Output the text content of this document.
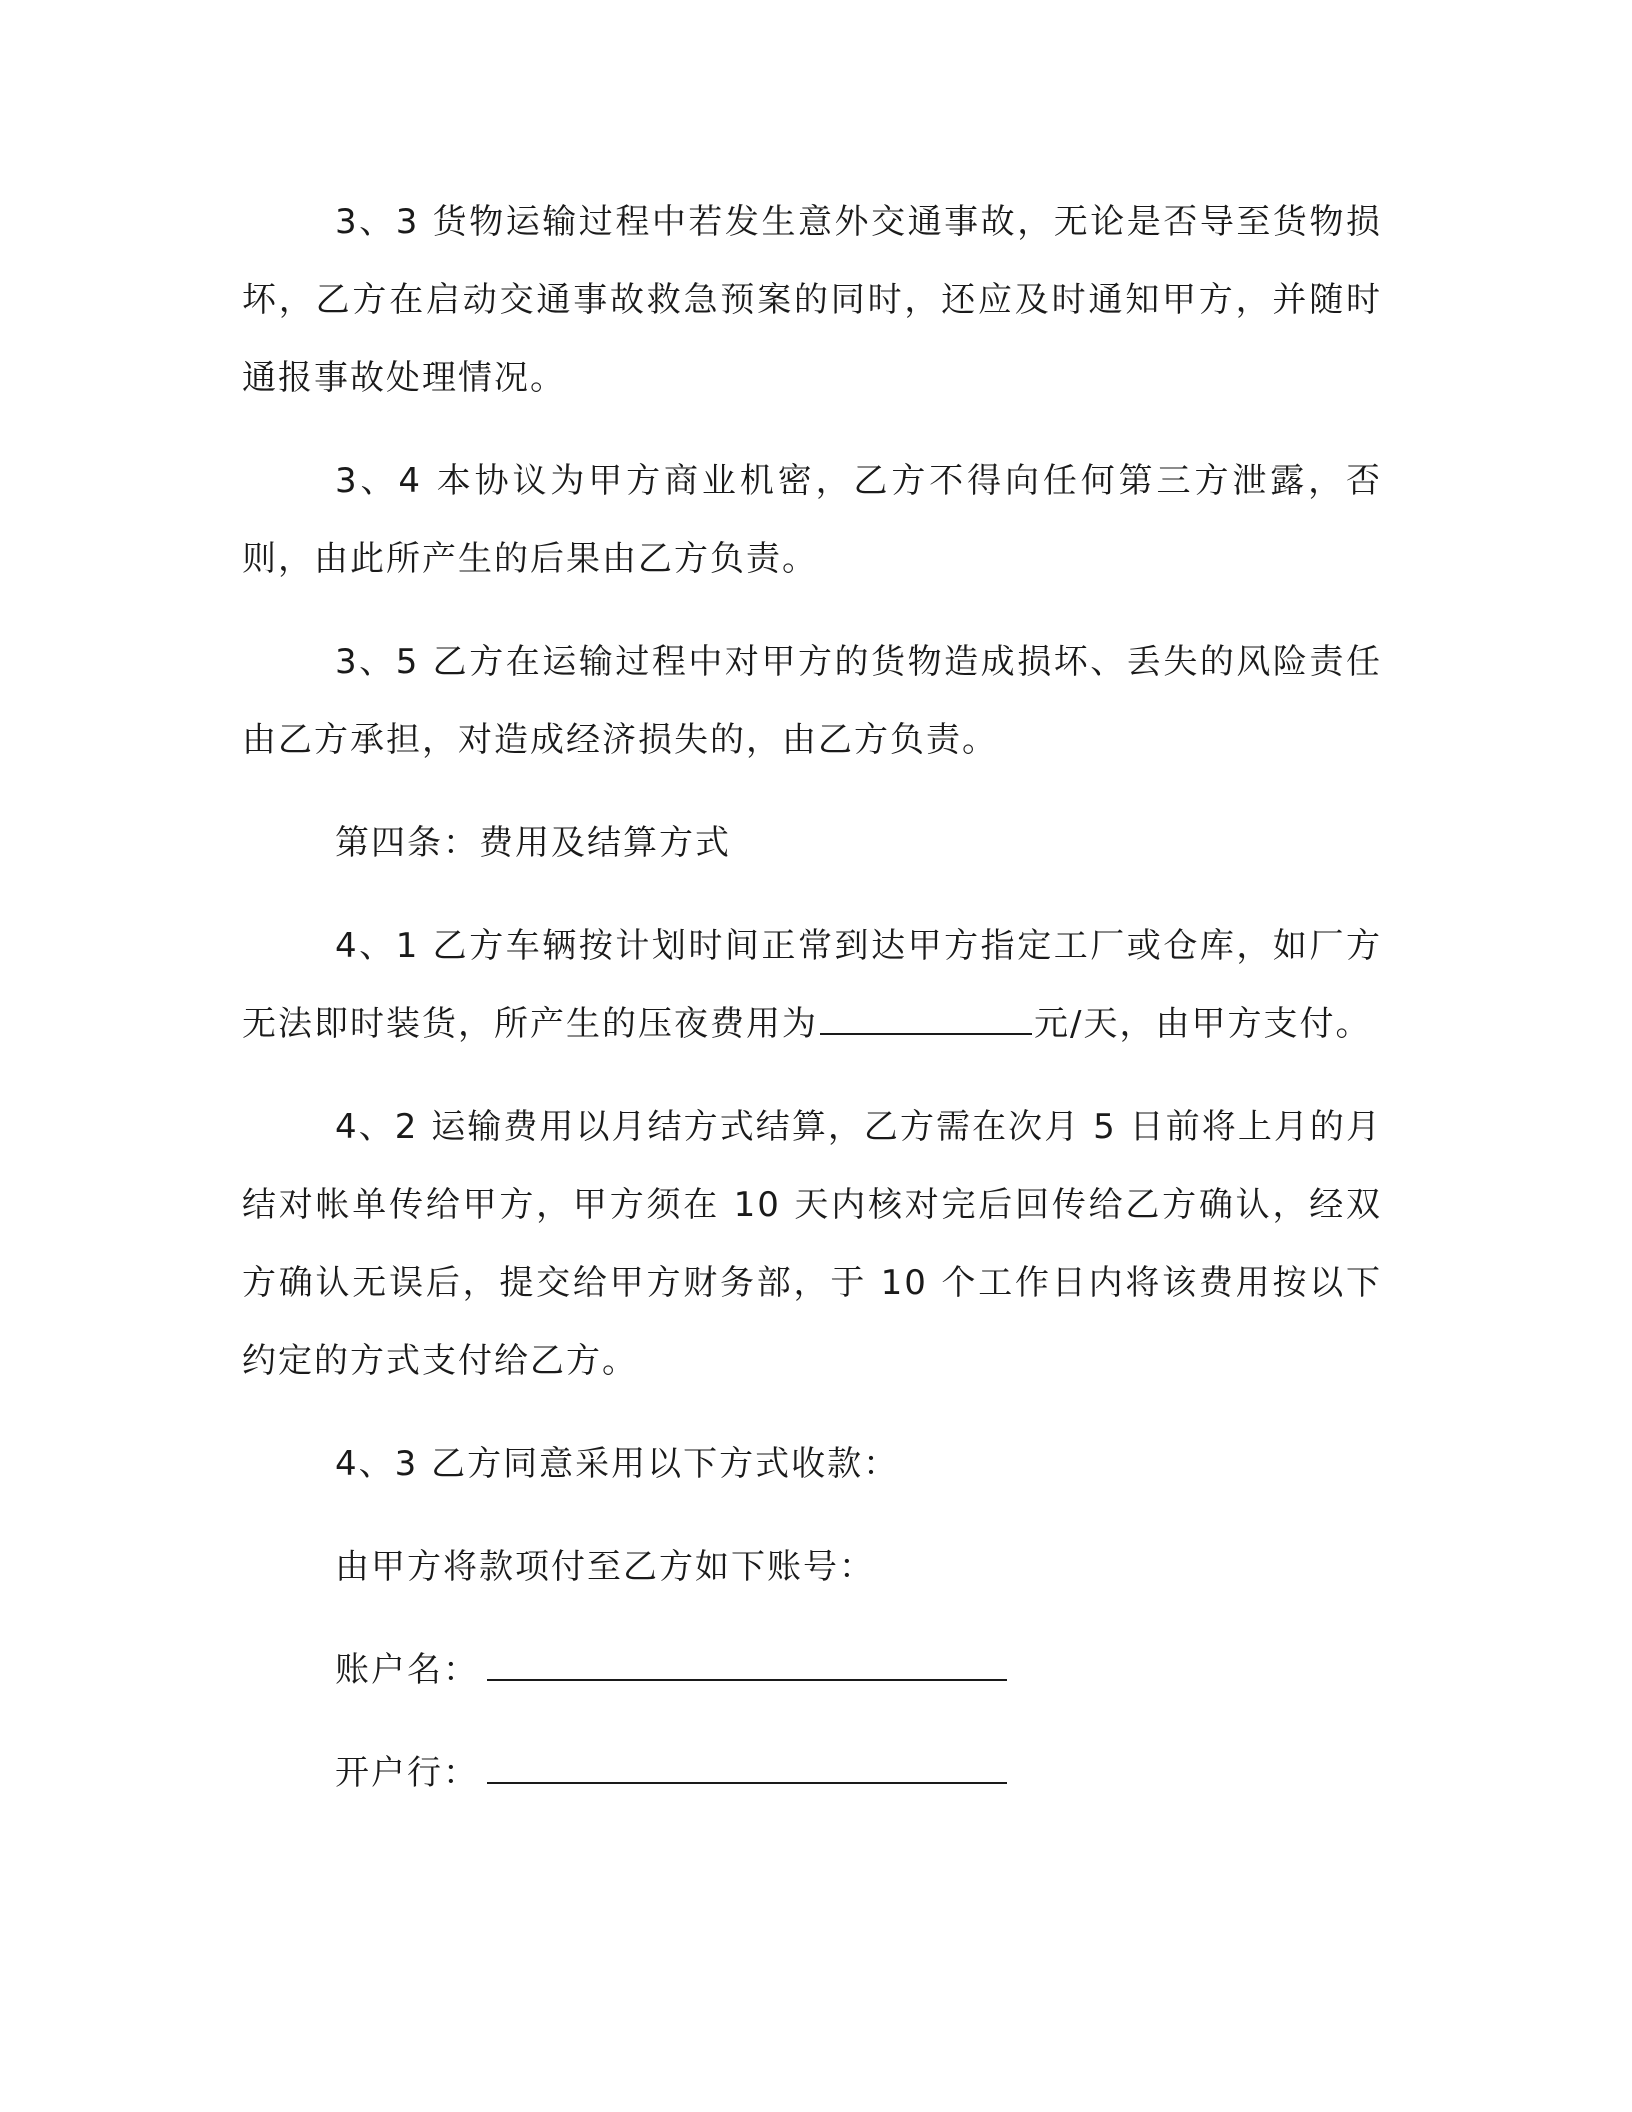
3、3 货物运输过程中若发生意外交通事故，无论是否导至货物损坏，乙方在启动交通事故救急预案的同时，还应及时通知甲方，并随时通报事故处理情况。

3、4 本协议为甲方商业机密，乙方不得向任何第三方泄露，否则，由此所产生的后果由乙方负责。

3、5 乙方在运输过程中对甲方的货物造成损坏、丢失的风险责任由乙方承担，对造成经济损失的，由乙方负责。

第四条：费用及结算方式

4、1 乙方车辆按计划时间正常到达甲方指定工厂或仓库，如厂方无法即时装货，所产生的压夜费用为	元/天，由甲方支付。

4、2 运输费用以月结方式结算，乙方需在次月 5 日前将上月的月结对帐单传给甲方，甲方须在 10 天内核对完后回传给乙方确认，经双方确认无误后，提交给甲方财务部，于 10 个工作日内将该费用按以下约定的方式支付给乙方。

4、3 乙方同意采用以下方式收款：

由甲方将款项付至乙方如下账号：

账户名：

开户行：
